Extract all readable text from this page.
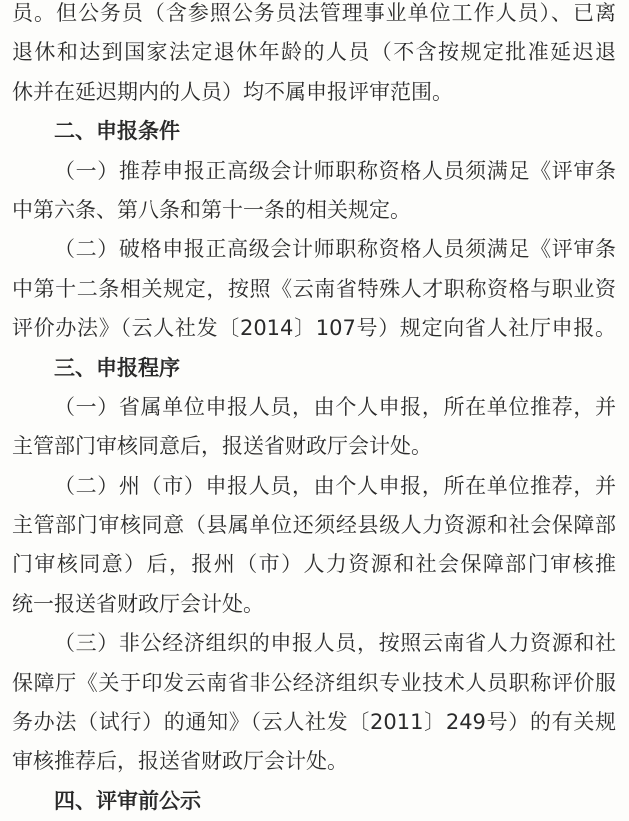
员。但公务员（含参照公务员法管理事业单位工作人员）、已离
退休和达到国家法定退休年龄的人员（不含按规定批准延迟退
休并在延迟期内的人员）均不属申报评审范围。
二、申报条件
（一）推荐申报正高级会计师职称资格人员须满足《评审条
中第六条、第八条和第十一条的相关规定。
（二）破格申报正高级会计师职称资格人员须满足《评审条
中第十二条相关规定，按照《云南省特殊人才职称资格与职业资
评价办法》（云人社发〔2014〕107号）规定向省人社厅申报。
三、申报程序
（一）省属单位申报人员，由个人申报，所在单位推荐，并
主管部门审核同意后，报送省财政厅会计处。
（二）州（市）申报人员，由个人申报，所在单位推荐，并
主管部门审核同意（县属单位还须经县级人力资源和社会保障部
门审核同意）后，报州（市）人力资源和社会保障部门审核推
统一报送省财政厅会计处。
（三）非公经济组织的申报人员，按照云南省人力资源和社
保障厅《关于印发云南省非公经济组织专业技术人员职称评价服
务办法（试行）的通知》（云人社发〔2011〕249号）的有关规
审核推荐后，报送省财政厅会计处。
四、评审前公示
